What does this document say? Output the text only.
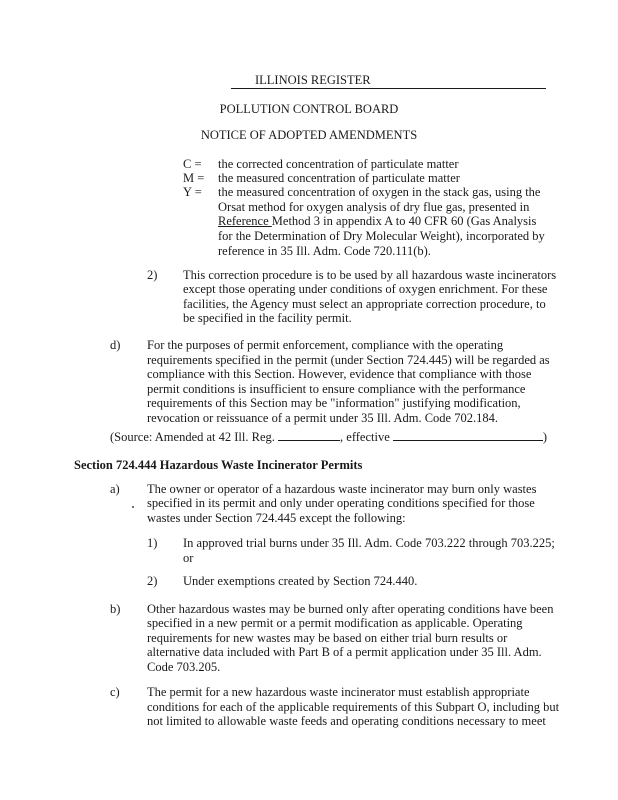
ILLINOIS REGISTER
POLLUTION CONTROL BOARD
NOTICE OF ADOPTED AMENDMENTS
C = the corrected concentration of particulate matter
M = the measured concentration of particulate matter
Y = the measured concentration of oxygen in the stack gas, using the
Orsat method for oxygen analysis of dry flue gas, presented in
Reference Method 3 in appendix A to 40 CFR 60 (Gas Analysis
for the Determination of Dry Molecular Weight), incorporated by
reference in 35 Ill. Adm. Code 720.111(b).
2) This correction procedure is to be used by all hazardous waste incinerators
except those operating under conditions of oxygen enrichment. For these
facilities, the Agency must select an appropriate correction procedure, to
be specified in the facility permit.
d) For the purposes of permit enforcement, compliance with the operating
requirements specified in the permit (under Section 724.445) will be regarded as
compliance with this Section. However, evidence that compliance with those
permit conditions is insufficient to ensure compliance with the performance
requirements of this Section may be "information" justifying modification,
revocation or reissuance of a permit under 35 Ill. Adm. Code 702.184.
(Source: Amended at 42 Ill. Reg.	, effective	)
Section 724.444 Hazardous Waste Incinerator Permits
a) The owner or operator of a hazardous waste incinerator may burn only wastes
specified in its permit and only under operating conditions specified for those
wastes under Section 724.445 except the following:
1) In approved trial burns under 35 Ill. Adm. Code 703.222 through 703.225;
or
2) Under exemptions created by Section 724.440.
b) Other hazardous wastes may be burned only after operating conditions have been
specified in a new permit or a permit modification as applicable. Operating
requirements for new wastes may be based on either trial burn results or
alternative data included with Part B of a permit application under 35 Ill. Adm.
Code 703.205.
c) The permit for a new hazardous waste incinerator must establish appropriate
conditions for each of the applicable requirements of this Subpart O, including but
not limited to allowable waste feeds and operating conditions necessary to meet
